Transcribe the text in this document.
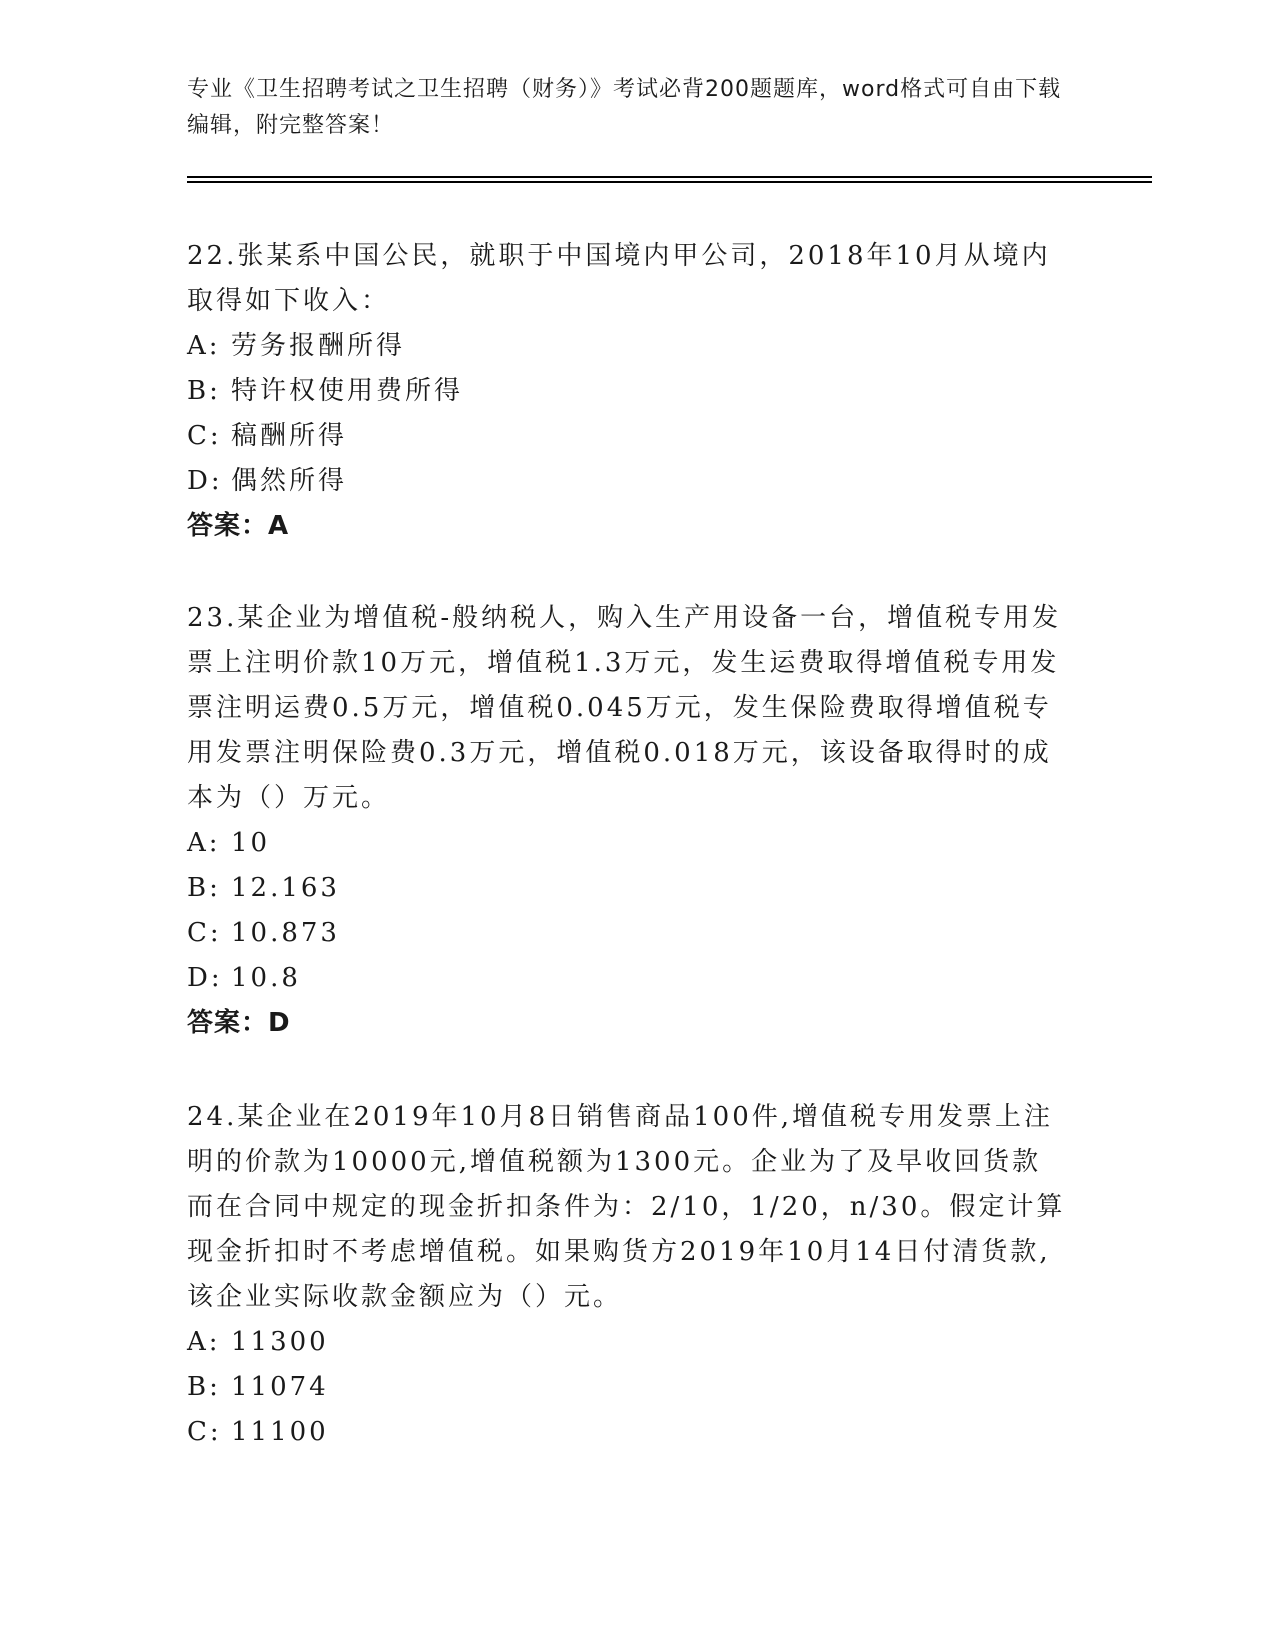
专业《卫生招聘考试之卫生招聘（财务）》考试必背200题题库，word格式可自由下载编辑，附完整答案！

22.张某系中国公民，就职于中国境内甲公司，2018年10月从境内取得如下收入：

A: 劳务报酬所得

B: 特许权使用费所得

C: 稿酬所得

D: 偶然所得

答案：A

23.某企业为增值税-般纳税人，购入生产用设备一台，增值税专用发票上注明价款10万元，增值税1.3万元，发生运费取得增值税专用发票注明运费0.5万元，增值税0.045万元，发生保险费取得增值税专用发票注明保险费0.3万元，增值税0.018万元，该设备取得时的成本为（）万元。

A: 10

B: 12.163

C: 10.873

D: 10.8

答案：D

24.某企业在2019年10月8日销售商品100件,增值税专用发票上注明的价款为10000元,增值税额为1300元。企业为了及早收回货款而在合同中规定的现金折扣条件为：2/10，1/20，n/30。假定计算现金折扣时不考虑增值税。如果购货方2019年10月14日付清货款,该企业实际收款金额应为（）元。

A: 11300

B: 11074

C: 11100
